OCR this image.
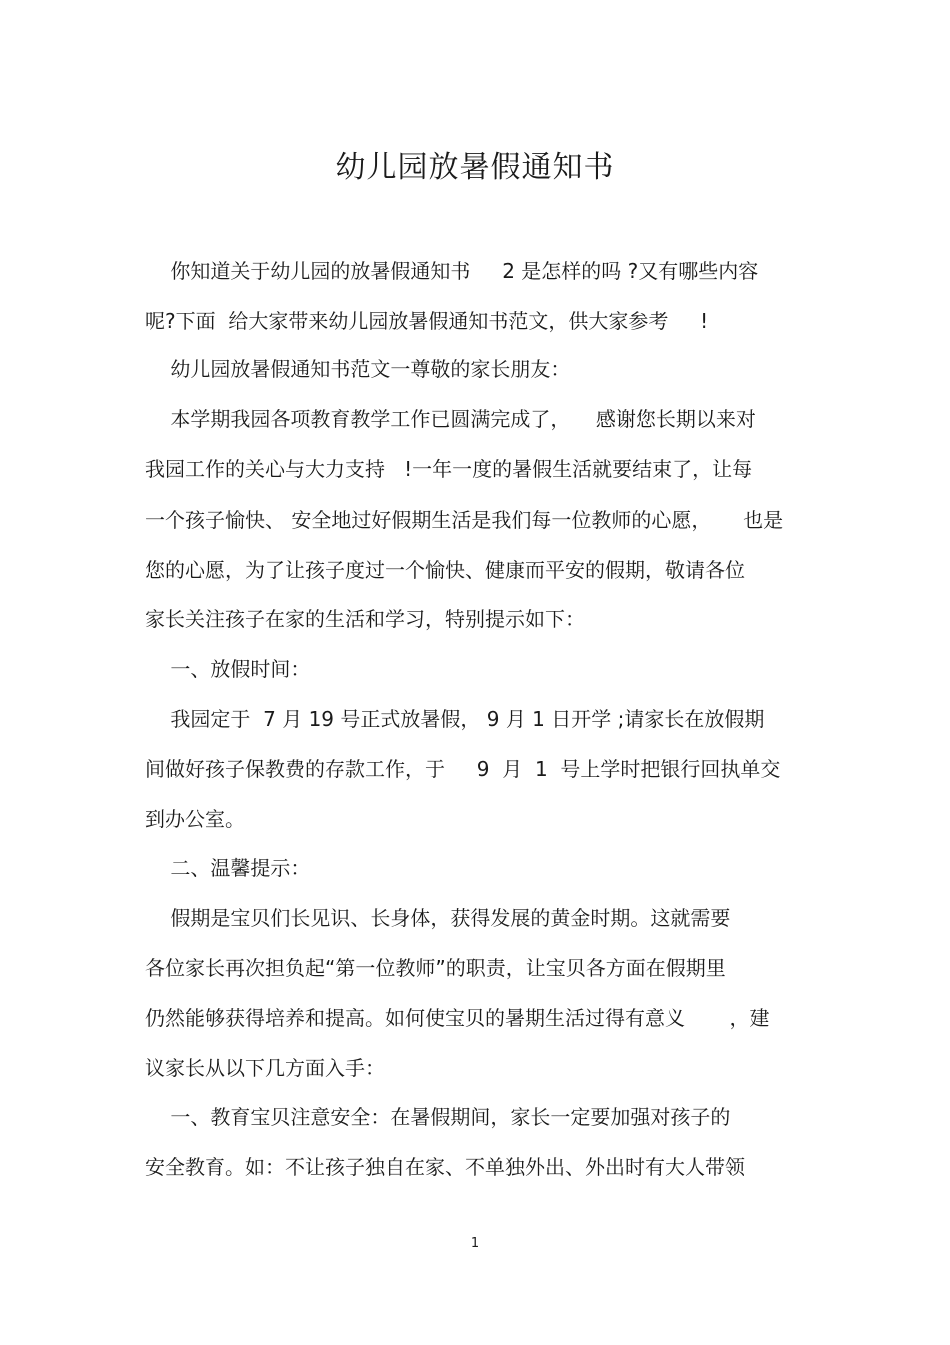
幼儿园放暑假通知书
你知道关于幼儿园的放暑假通知书     2 是怎样的吗 ?又有哪些内容
呢?下面  给大家带来幼儿园放暑假通知书范文，供大家参考     !
幼儿园放暑假通知书范文一尊敬的家长朋友：
本学期我园各项教育教学工作已圆满完成了，    感谢您长期以来对
我园工作的关心与大力支持   !一年一度的暑假生活就要结束了，让每
一个孩子愉快、 安全地过好假期生活是我们每一位教师的心愿，     也是
您的心愿，为了让孩子度过一个愉快、健康而平安的假期，敬请各位
家长关注孩子在家的生活和学习，特别提示如下：
一、放假时间：
我园定于  7 月 19 号正式放暑假， 9 月 1 日开学 ;请家长在放假期
间做好孩子保教费的存款工作，于     9  月  1  号上学时把银行回执单交
到办公室。
二、温馨提示：
假期是宝贝们长见识、长身体，获得发展的黄金时期。这就需要
各位家长再次担负起“第一位教师”的职责，让宝贝各方面在假期里
仍然能够获得培养和提高。如何使宝贝的暑期生活过得有意义       ，建
议家长从以下几方面入手：
一、教育宝贝注意安全：在暑假期间，家长一定要加强对孩子的
安全教育。如：不让孩子独自在家、不单独外出、外出时有大人带领
1
